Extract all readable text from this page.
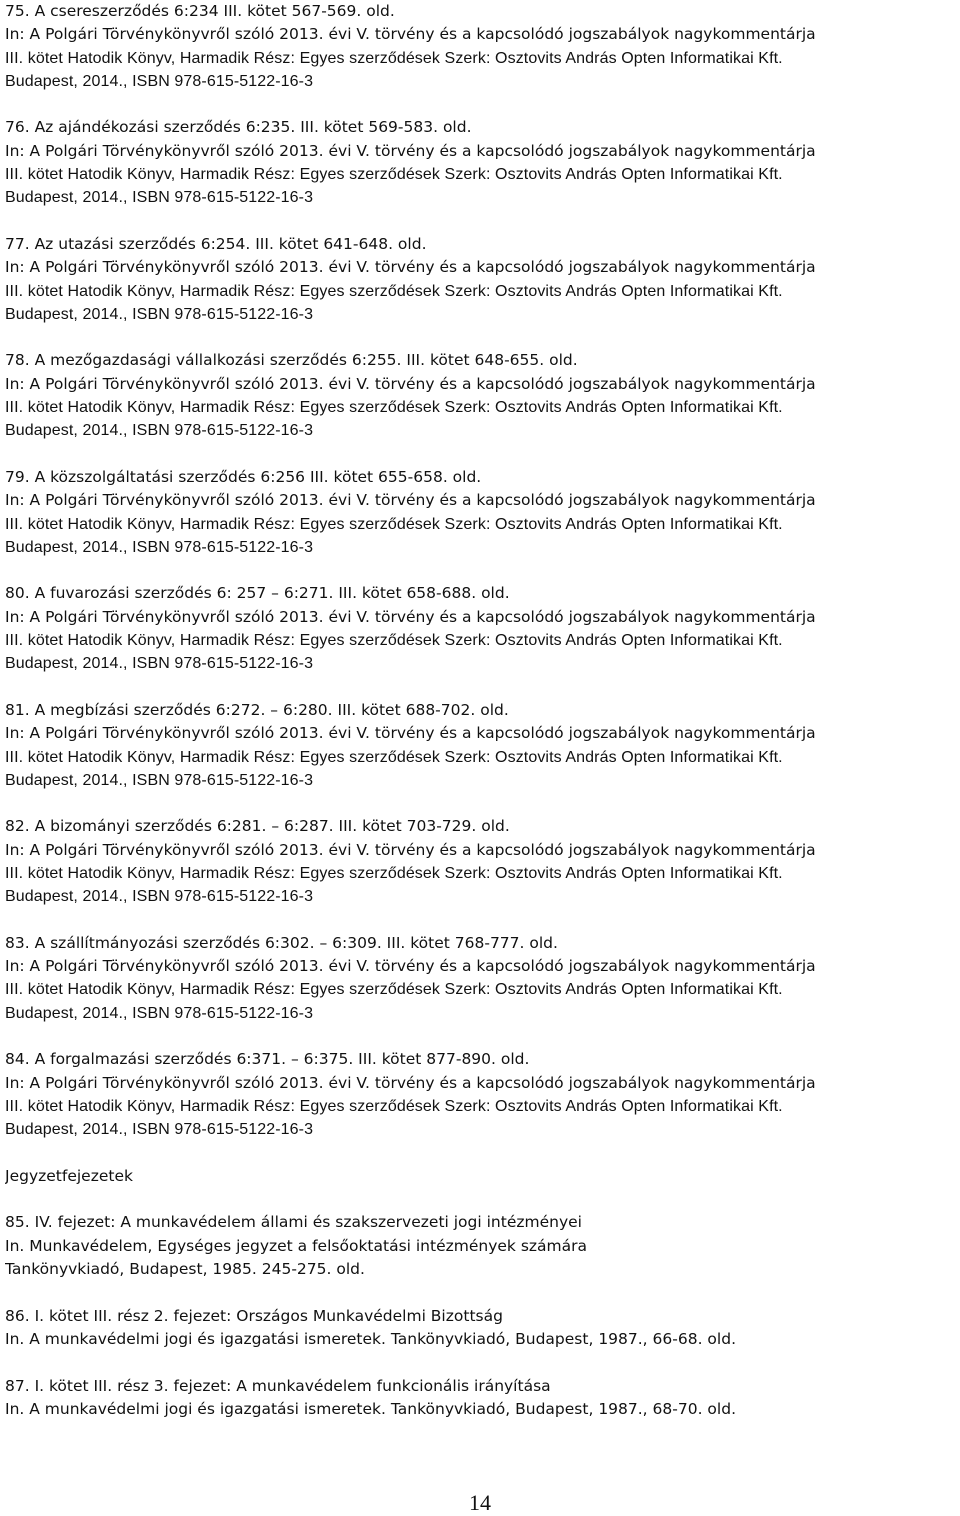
75. A csereszerződés 6:234 III. kötet 567-569. old.
In: A Polgári Törvénykönyvről szóló 2013. évi V. törvény és a kapcsolódó jogszabályok nagykommentárja
III. kötet Hatodik Könyv, Harmadik Rész: Egyes szerződések Szerk: Osztovits András Opten Informatikai Kft.
Budapest, 2014., ISBN 978-615-5122-16-3
76. Az ajándékozási szerződés 6:235. III. kötet 569-583. old.
In: A Polgári Törvénykönyvről szóló 2013. évi V. törvény és a kapcsolódó jogszabályok nagykommentárja
III. kötet Hatodik Könyv, Harmadik Rész: Egyes szerződések Szerk: Osztovits András Opten Informatikai Kft.
Budapest, 2014., ISBN 978-615-5122-16-3
77. Az utazási szerződés 6:254. III. kötet 641-648. old.
In: A Polgári Törvénykönyvről szóló 2013. évi V. törvény és a kapcsolódó jogszabályok nagykommentárja
III. kötet Hatodik Könyv, Harmadik Rész: Egyes szerződések Szerk: Osztovits András Opten Informatikai Kft.
Budapest, 2014., ISBN 978-615-5122-16-3
78. A mezőgazdasági vállalkozási szerződés 6:255. III. kötet 648-655. old.
In: A Polgári Törvénykönyvről szóló 2013. évi V. törvény és a kapcsolódó jogszabályok nagykommentárja
III. kötet Hatodik Könyv, Harmadik Rész: Egyes szerződések Szerk: Osztovits András Opten Informatikai Kft.
Budapest, 2014., ISBN 978-615-5122-16-3
79. A közszolgáltatási szerződés 6:256 III. kötet 655-658. old.
In: A Polgári Törvénykönyvről szóló 2013. évi V. törvény és a kapcsolódó jogszabályok nagykommentárja
III. kötet Hatodik Könyv, Harmadik Rész: Egyes szerződések Szerk: Osztovits András Opten Informatikai Kft.
Budapest, 2014., ISBN 978-615-5122-16-3
80. A fuvarozási szerződés 6: 257 – 6:271. III. kötet 658-688. old.
In: A Polgári Törvénykönyvről szóló 2013. évi V. törvény és a kapcsolódó jogszabályok nagykommentárja
III. kötet Hatodik Könyv, Harmadik Rész: Egyes szerződések Szerk: Osztovits András Opten Informatikai Kft.
Budapest, 2014., ISBN 978-615-5122-16-3
81. A megbízási szerződés 6:272. – 6:280. III. kötet 688-702. old.
In: A Polgári Törvénykönyvről szóló 2013. évi V. törvény és a kapcsolódó jogszabályok nagykommentárja
III. kötet Hatodik Könyv, Harmadik Rész: Egyes szerződések Szerk: Osztovits András Opten Informatikai Kft.
Budapest, 2014., ISBN 978-615-5122-16-3
82. A bizományi szerződés 6:281. – 6:287. III. kötet 703-729. old.
In: A Polgári Törvénykönyvről szóló 2013. évi V. törvény és a kapcsolódó jogszabályok nagykommentárja
III. kötet Hatodik Könyv, Harmadik Rész: Egyes szerződések Szerk: Osztovits András Opten Informatikai Kft.
Budapest, 2014., ISBN 978-615-5122-16-3
83. A szállítmányozási szerződés 6:302. – 6:309. III. kötet 768-777. old.
In: A Polgári Törvénykönyvről szóló 2013. évi V. törvény és a kapcsolódó jogszabályok nagykommentárja
III. kötet Hatodik Könyv, Harmadik Rész: Egyes szerződések Szerk: Osztovits András Opten Informatikai Kft.
Budapest, 2014., ISBN 978-615-5122-16-3
84. A forgalmazási szerződés 6:371. – 6:375. III. kötet 877-890. old.
In: A Polgári Törvénykönyvről szóló 2013. évi V. törvény és a kapcsolódó jogszabályok nagykommentárja
III. kötet Hatodik Könyv, Harmadik Rész: Egyes szerződések Szerk: Osztovits András Opten Informatikai Kft.
Budapest, 2014., ISBN 978-615-5122-16-3
Jegyzetfejezetek
85. IV. fejezet: A munkavédelem állami és szakszervezeti jogi intézményei
In. Munkavédelem, Egységes jegyzet a felsőoktatási intézmények számára
Tankönyvkiadó, Budapest, 1985. 245-275. old.
86. I. kötet III. rész 2. fejezet: Országos Munkavédelmi Bizottság
In. A munkavédelmi jogi és igazgatási ismeretek. Tankönyvkiadó, Budapest, 1987., 66-68. old.
87. I. kötet III. rész 3. fejezet: A munkavédelem funkcionális irányítása
In. A munkavédelmi jogi és igazgatási ismeretek. Tankönyvkiadó, Budapest, 1987., 68-70. old.
14
